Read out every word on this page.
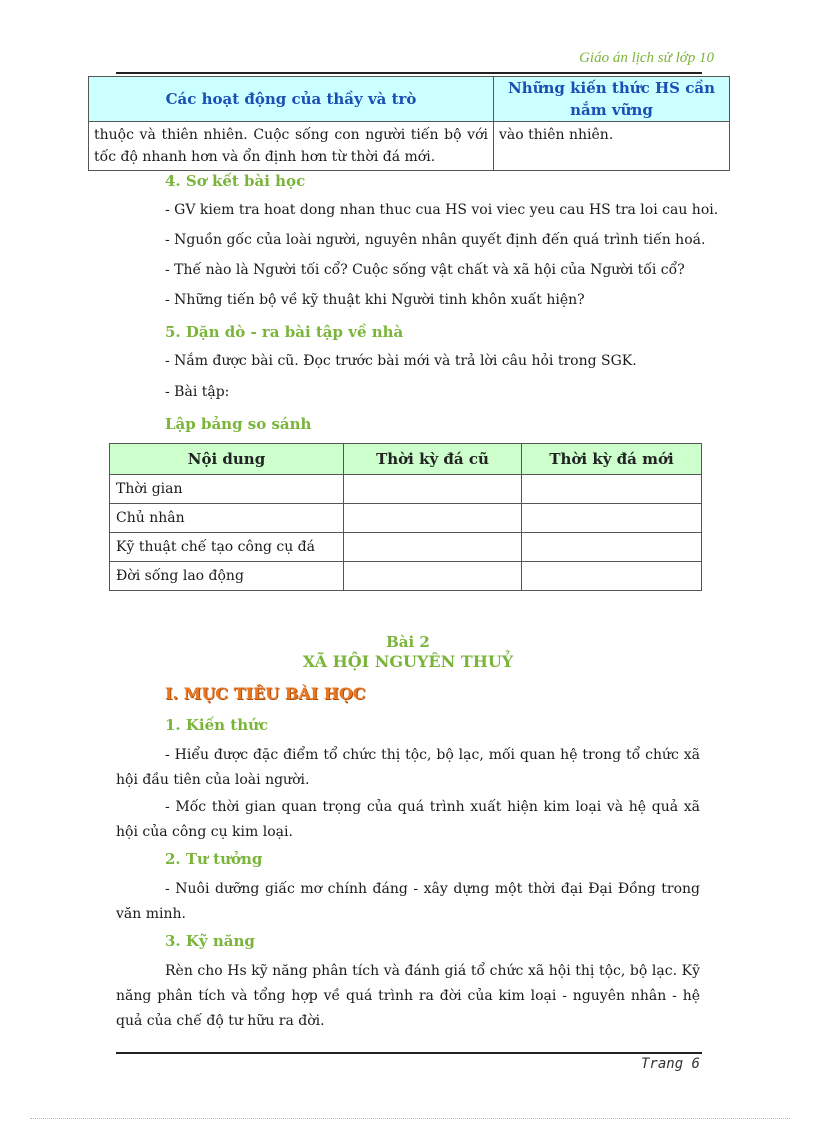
Giáo án lịch sử lớp 10
Các hoạt động của thầy và trò	Những kiến thức HS cần nắm vững
thuộc và thiên nhiên. Cuộc sống con người tiến bộ với tốc độ nhanh hơn và ổn định hơn từ thời đá mới.	vào thiên nhiên.
4. Sơ kết bài học
- GV kiem tra hoat dong nhan thuc cua HS voi viec yeu cau HS tra loi cau hoi.
- Nguồn gốc của loài người, nguyên nhân quyết định đến quá trình tiến hoá.
- Thế nào là Người tối cổ? Cuộc sống vật chất và xã hội của Người tối cổ?
- Những tiến bộ về kỹ thuật khi Người tinh khôn xuất hiện?
5. Dặn dò - ra bài tập về nhà
- Nắm được bài cũ. Đọc trước bài mới và trả lời câu hỏi trong SGK.
- Bài tập:
Lập bảng so sánh
Nội dung	Thời kỳ đá cũ	Thời kỳ đá mới
Thời gian		
Chủ nhân		
Kỹ thuật chế tạo công cụ đá		
Đời sống lao động		
Bài 2
XÃ HỘI NGUYÊN THUỶ
I. MỤC TIÊU BÀI HỌC
1. Kiến thức
- Hiểu được đặc điểm tổ chức thị tộc, bộ lạc, mối quan hệ trong tổ chức xã hội đầu tiên của loài người.
- Mốc thời gian quan trọng của quá trình xuất hiện kim loại và hệ quả xã hội của công cụ kim loại.
2. Tư tưởng
- Nuôi dưỡng giấc mơ chính đáng - xây dựng một thời đại Đại Đồng trong văn minh.
3. Kỹ năng
Rèn cho Hs kỹ năng phân tích và đánh giá tổ chức xã hội thị tộc, bộ lạc. Kỹ năng phân tích và tổng hợp về quá trình ra đời của kim loại - nguyên nhân - hệ quả của chế độ tư hữu ra đời.
Trang 6
